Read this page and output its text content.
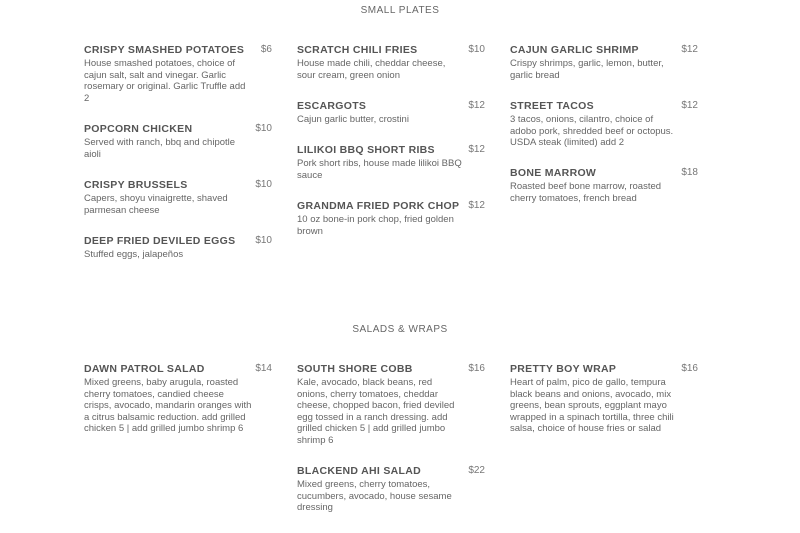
SMALL PLATES
CRISPY SMASHED POTATOES	$6
House smashed potatoes, choice of cajun salt, salt and vinegar. Garlic rosemary or original. Garlic Truffle add 2
POPCORN CHICKEN	$10
Served with ranch, bbq and chipotle aioli
CRISPY BRUSSELS	$10
Capers, shoyu vinaigrette, shaved parmesan cheese
DEEP FRIED DEVILED EGGS	$10
Stuffed eggs, jalapeños
SCRATCH CHILI FRIES	$10
House made chili, cheddar cheese, sour cream, green onion
ESCARGOTS	$12
Cajun garlic butter, crostini
LILIKOI BBQ SHORT RIBS	$12
Pork short ribs, house made lilikoi BBQ sauce
GRANDMA FRIED PORK CHOP $12
10 oz bone-in pork chop, fried golden brown
CAJUN GARLIC SHRIMP	$12
Crispy shrimps, garlic, lemon, butter, garlic bread
STREET TACOS	$12
3 tacos, onions, cilantro, choice of adobo pork, shredded beef or octopus. USDA steak (limited) add 2
BONE MARROW	$18
Roasted beef bone marrow, roasted cherry tomatoes, french bread
SALADS & WRAPS
DAWN PATROL SALAD	$14
Mixed greens, baby arugula, roasted cherry tomatoes, candied cheese crisps, avocado, mandarin oranges with a citrus balsamic reduction. add grilled chicken 5 | add grilled jumbo shrimp 6
SOUTH SHORE COBB	$16
Kale, avocado, black beans, red onions, cherry tomatoes, cheddar cheese, chopped bacon, fried deviled egg tossed in a ranch dressing. add grilled chicken 5 | add grilled jumbo shrimp 6
BLACKEND AHI SALAD	$22
Mixed greens, cherry tomatoes, cucumbers, avocado, house sesame dressing
PRETTY BOY WRAP	$16
Heart of palm, pico de gallo, tempura black beans and onions, avocado, mix greens, bean sprouts, eggplant mayo wrapped in a spinach tortilla, three chili salsa, choice of house fries or salad
